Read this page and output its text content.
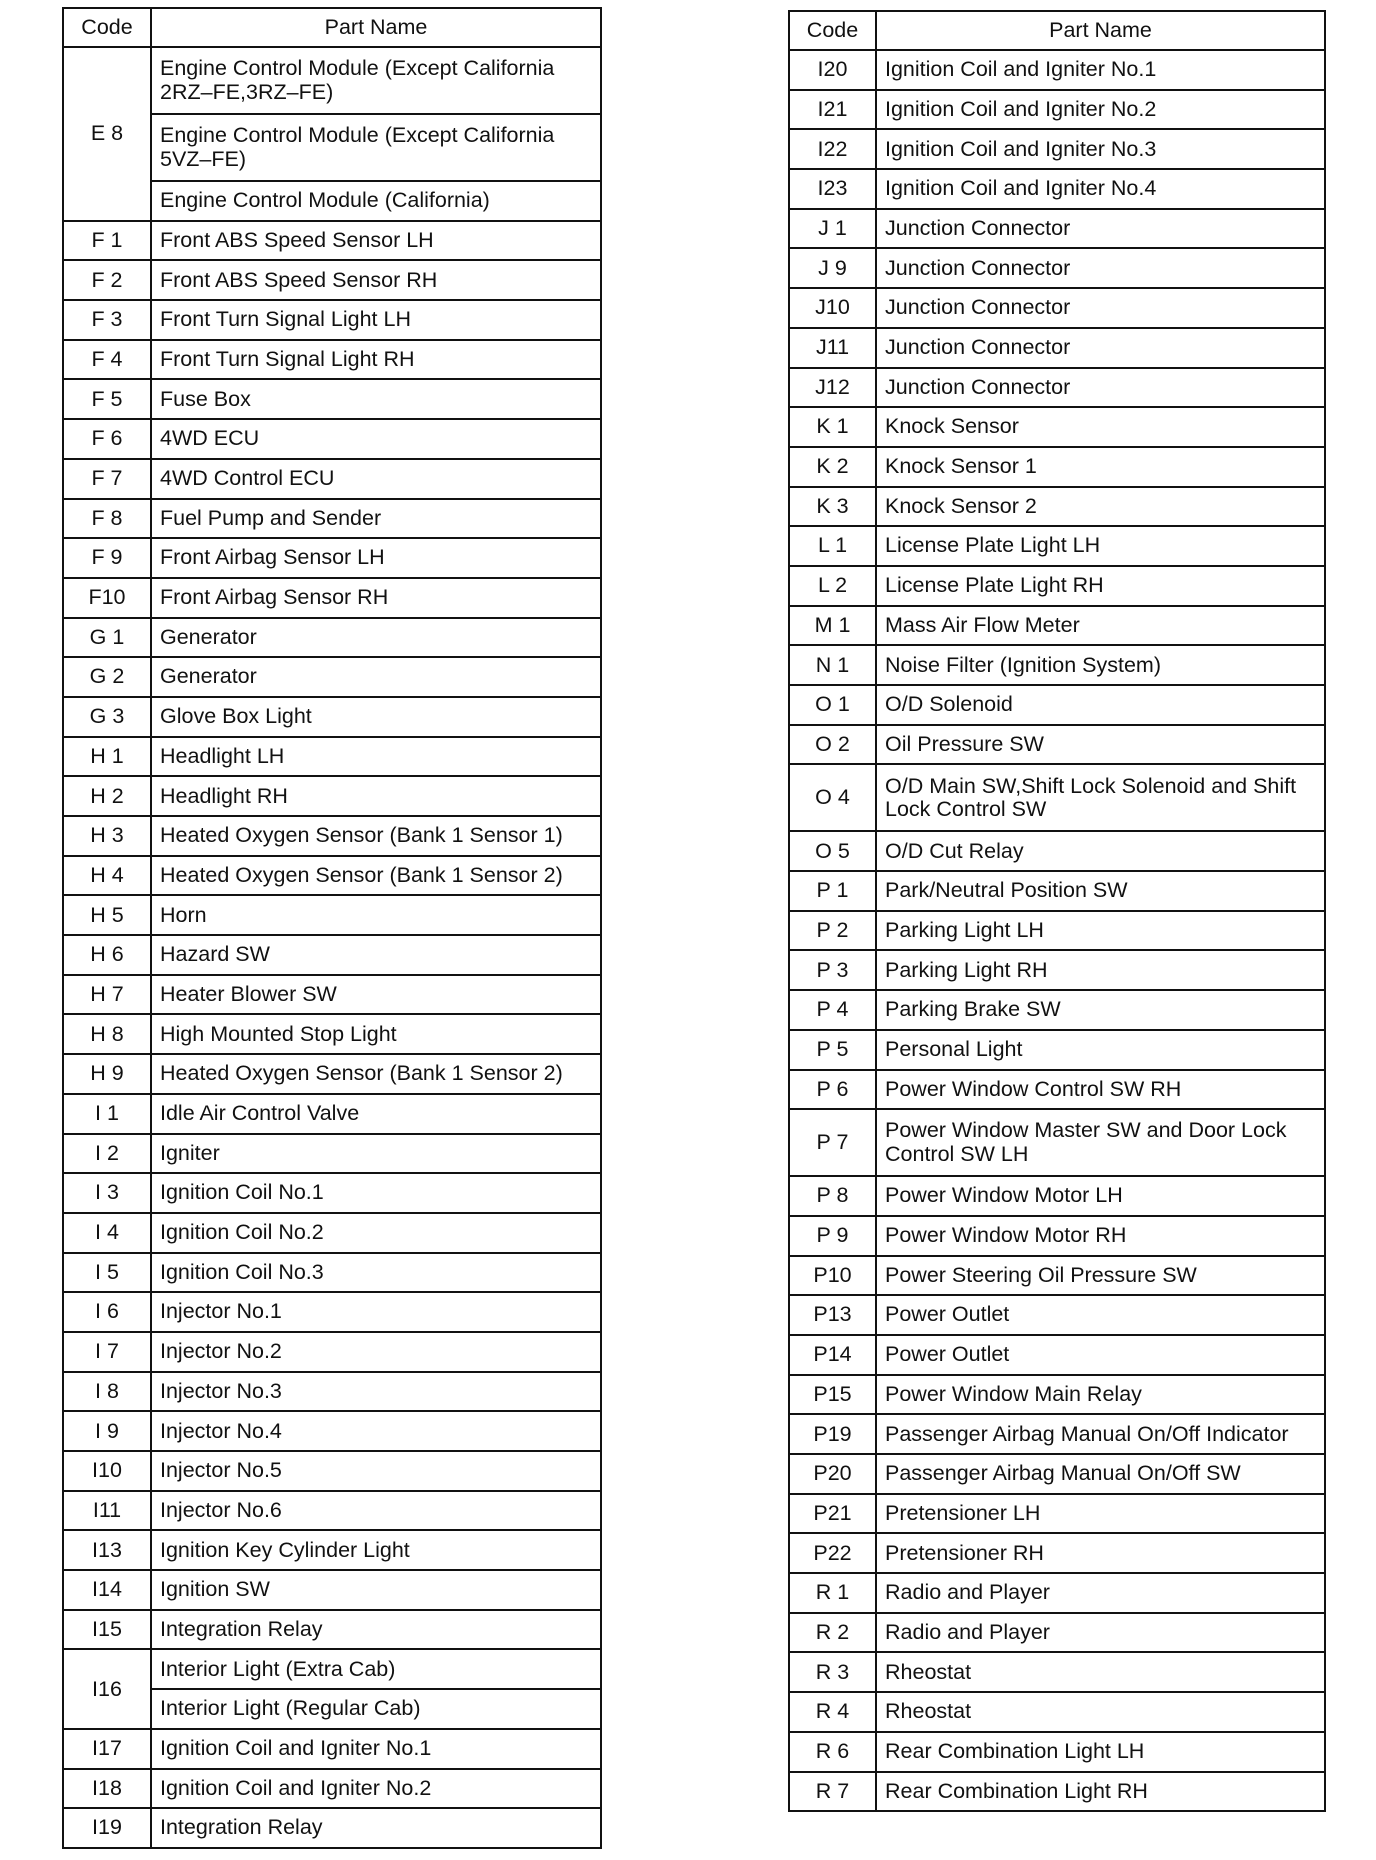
Code	Part Name
E 8	Engine Control Module (Except California 2RZ–FE,3RZ–FE)
	Engine Control Module (Except California 5VZ–FE)
	Engine Control Module (California)
F 1	Front ABS Speed Sensor LH
F 2	Front ABS Speed Sensor RH
F 3	Front Turn Signal Light LH
F 4	Front Turn Signal Light RH
F 5	Fuse Box
F 6	4WD ECU
F 7	4WD Control ECU
F 8	Fuel Pump and Sender
F 9	Front Airbag Sensor LH
F10	Front Airbag Sensor RH
G 1	Generator
G 2	Generator
G 3	Glove Box Light
H 1	Headlight LH
H 2	Headlight RH
H 3	Heated Oxygen Sensor (Bank 1 Sensor 1)
H 4	Heated Oxygen Sensor (Bank 1 Sensor 2)
H 5	Horn
H 6	Hazard SW
H 7	Heater Blower SW
H 8	High Mounted Stop Light
H 9	Heated Oxygen Sensor (Bank 1 Sensor 2)
I 1	Idle Air Control Valve
I 2	Igniter
I 3	Ignition Coil No.1
I 4	Ignition Coil No.2
I 5	Ignition Coil No.3
I 6	Injector No.1
I 7	Injector No.2
I 8	Injector No.3
I 9	Injector No.4
I10	Injector No.5
I11	Injector No.6
I13	Ignition Key Cylinder Light
I14	Ignition SW
I15	Integration Relay
I16	Interior Light (Extra Cab)
	Interior Light (Regular Cab)
I17	Ignition Coil and Igniter No.1
I18	Ignition Coil and Igniter No.2
I19	Integration Relay
Code	Part Name
I20	Ignition Coil and Igniter No.1
I21	Ignition Coil and Igniter No.2
I22	Ignition Coil and Igniter No.3
I23	Ignition Coil and Igniter No.4
J 1	Junction Connector
J 9	Junction Connector
J10	Junction Connector
J11	Junction Connector
J12	Junction Connector
K 1	Knock Sensor
K 2	Knock Sensor 1
K 3	Knock Sensor 2
L 1	License Plate Light LH
L 2	License Plate Light RH
M 1	Mass Air Flow Meter
N 1	Noise Filter (Ignition System)
O 1	O/D Solenoid
O 2	Oil Pressure SW
O 4	O/D Main SW,Shift Lock Solenoid and Shift Lock Control SW
O 5	O/D Cut Relay
P 1	Park/Neutral Position SW
P 2	Parking Light LH
P 3	Parking Light RH
P 4	Parking Brake SW
P 5	Personal Light
P 6	Power Window Control SW RH
P 7	Power Window Master SW and Door Lock Control SW LH
P 8	Power Window Motor LH
P 9	Power Window Motor RH
P10	Power Steering Oil Pressure SW
P13	Power Outlet
P14	Power Outlet
P15	Power Window Main Relay
P19	Passenger Airbag Manual On/Off Indicator
P20	Passenger Airbag Manual On/Off SW
P21	Pretensioner LH
P22	Pretensioner RH
R 1	Radio and Player
R 2	Radio and Player
R 3	Rheostat
R 4	Rheostat
R 6	Rear Combination Light LH
R 7	Rear Combination Light RH
